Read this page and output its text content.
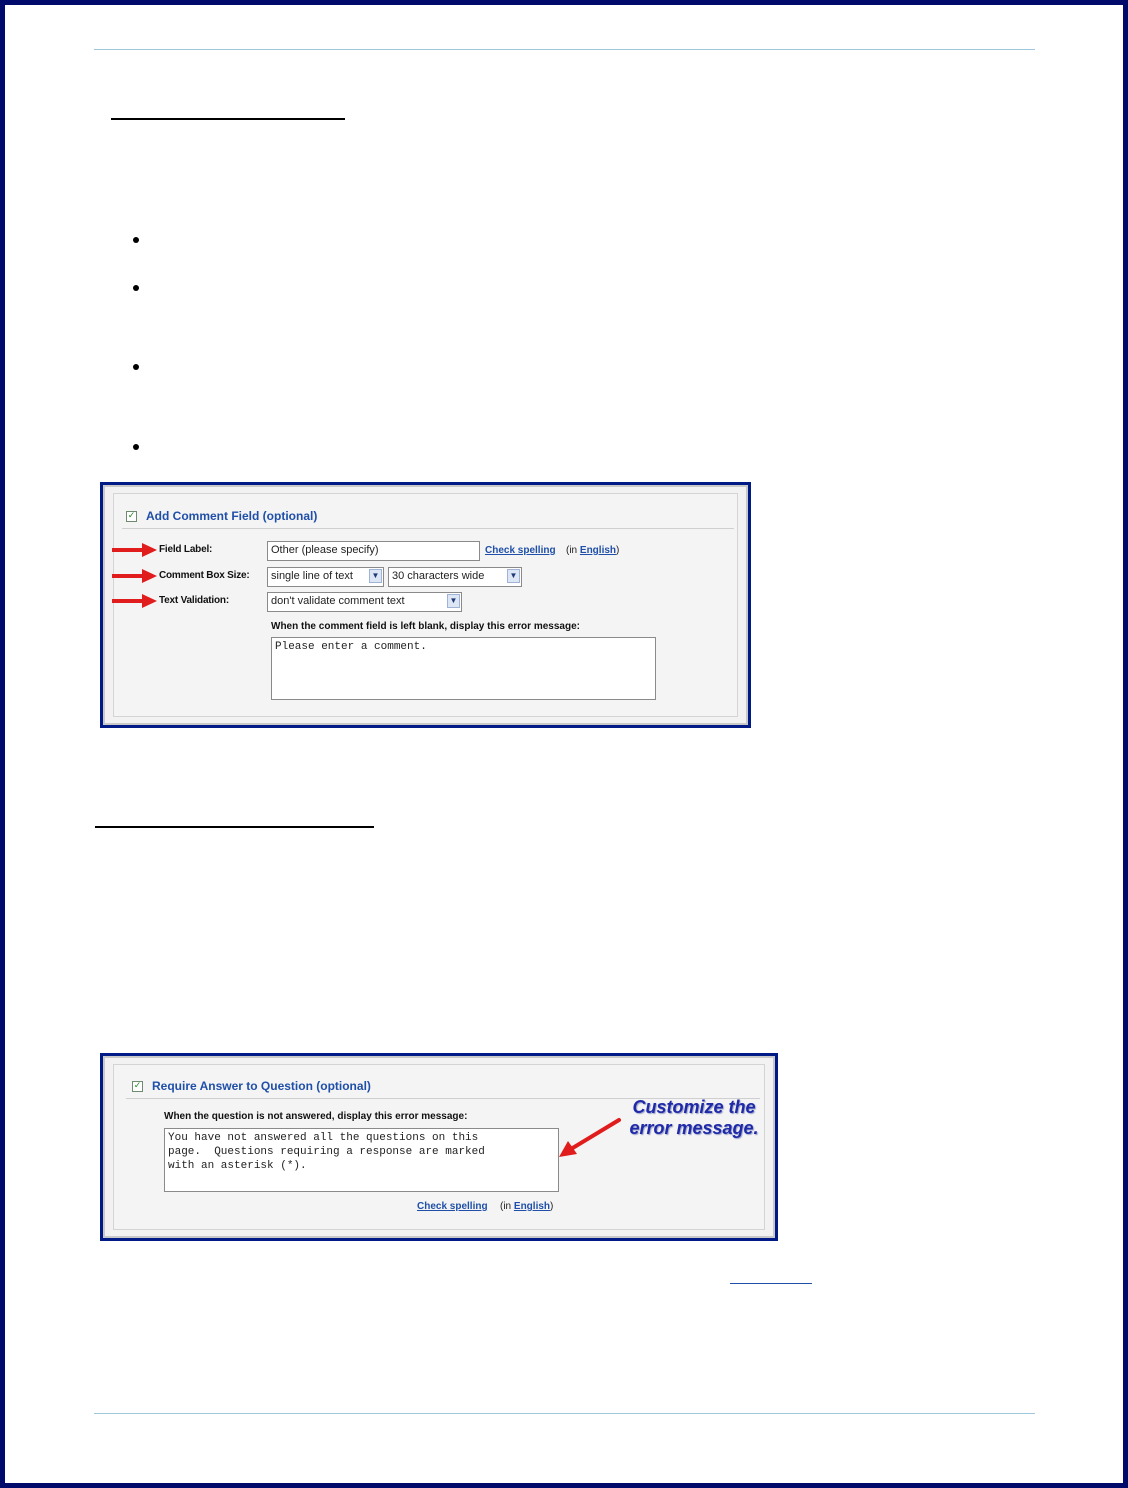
✓ Add Comment Field (optional)
Field Label:	Other (please specify)	Check spelling (in English)
Comment Box Size:	single line of text	▼	30 characters wide	▼
Text Validation:	don't validate comment text	▼
When the comment field is left blank, display this error message:
Please enter a comment.
✓ Require Answer to Question (optional)
When the question is not answered, display this error message:
You have not answered all the questions on this
page.  Questions requiring a response are marked
with an asterisk (*).
Check spelling (in English)
Customize the
error message.
